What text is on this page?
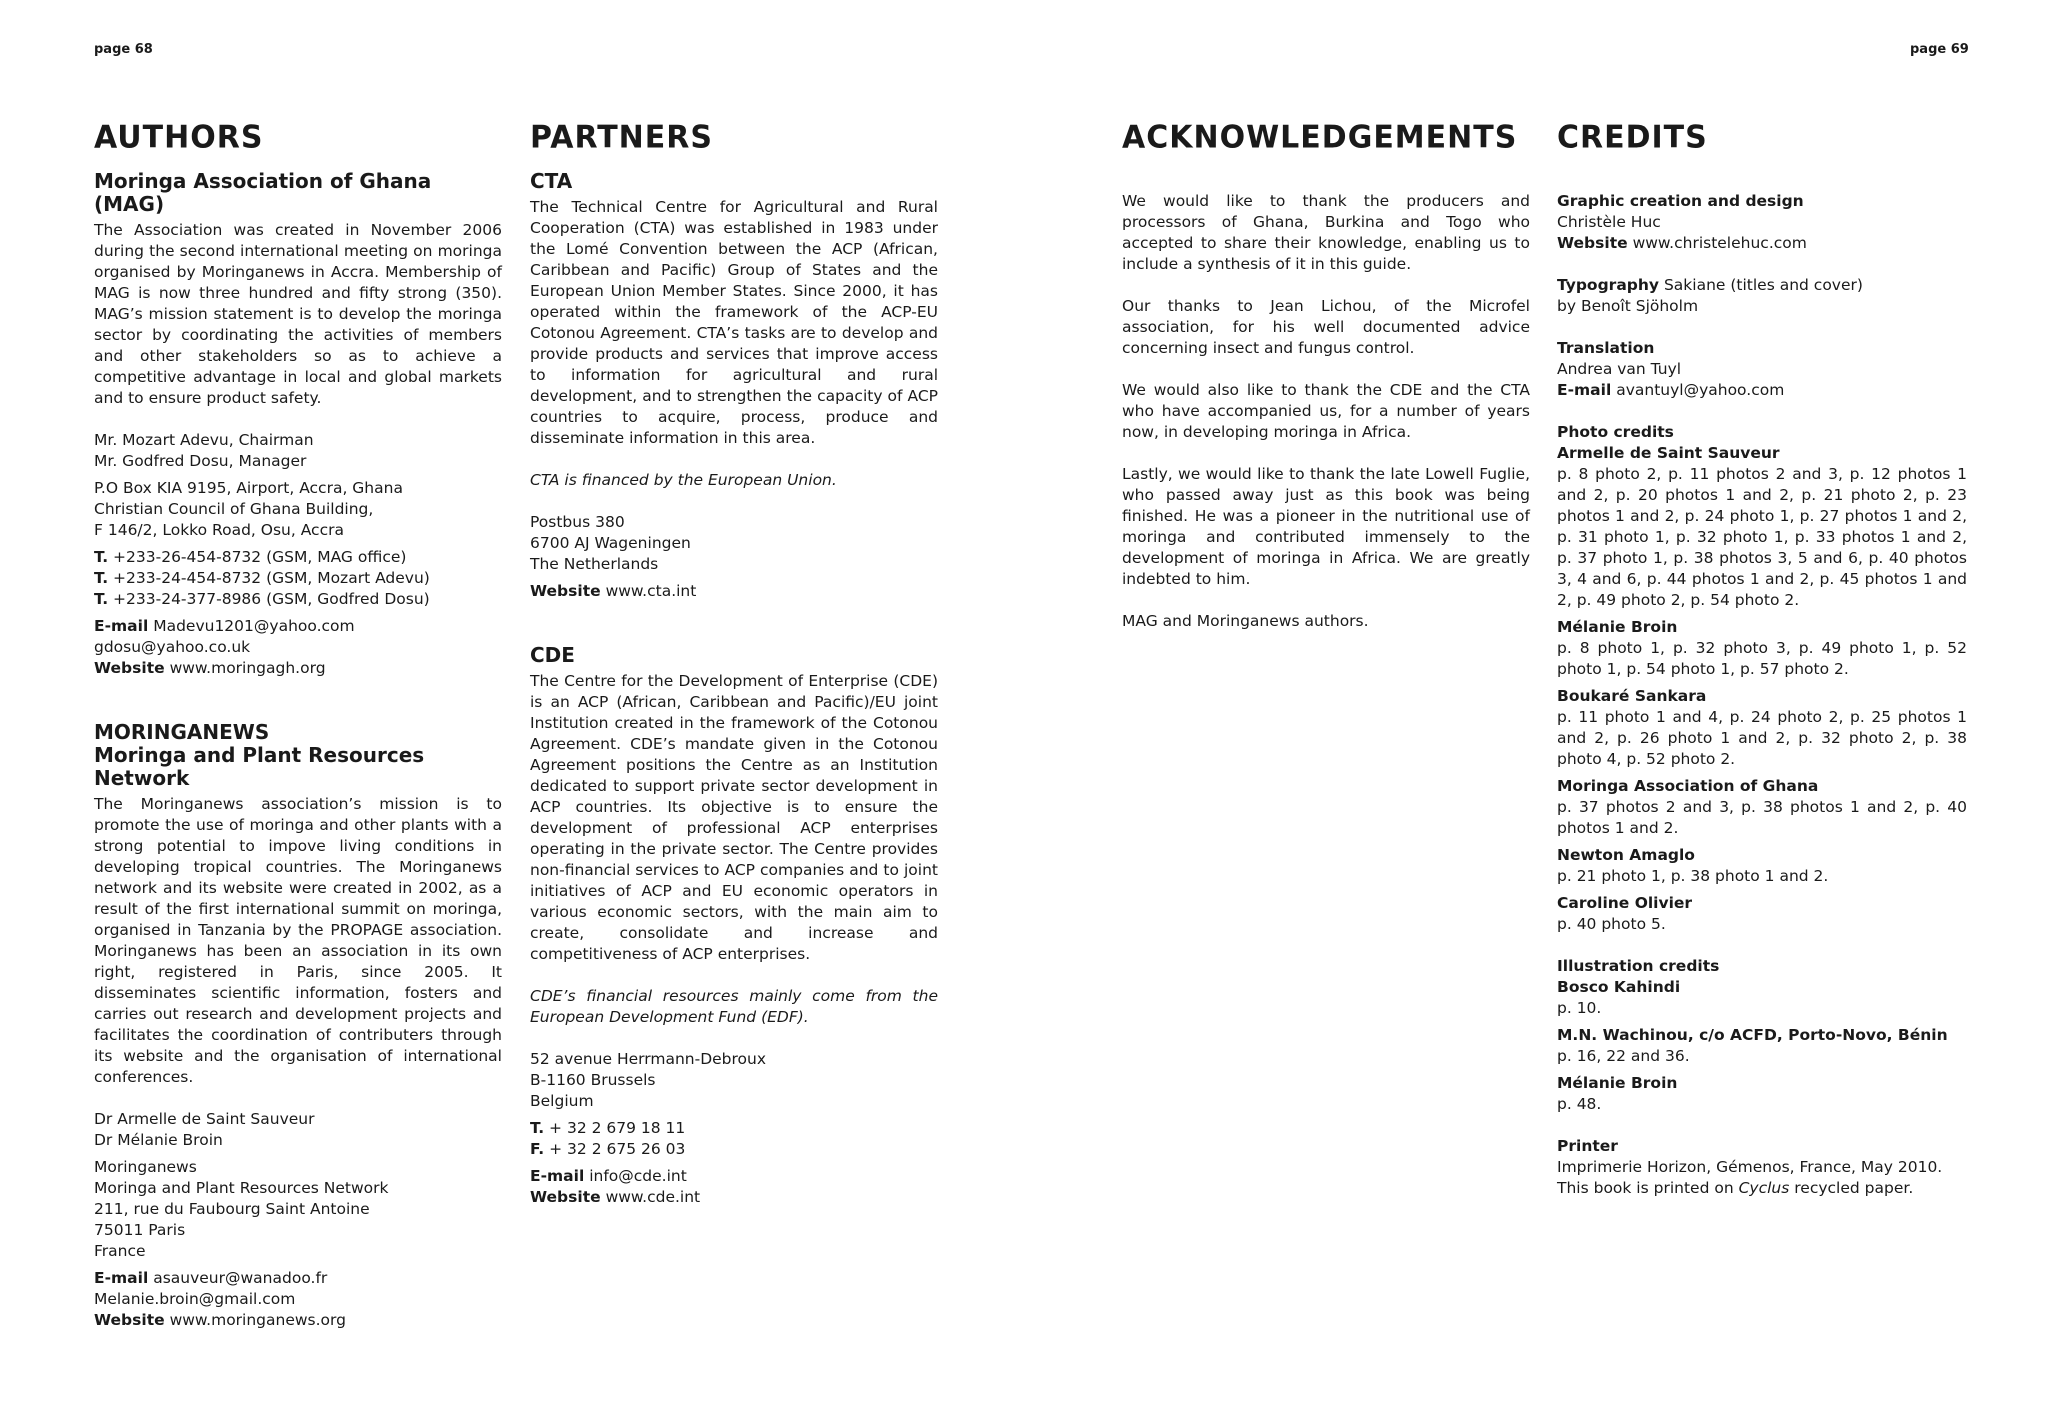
page 68	page 69
AUTHORS
Moringa Association of Ghana (MAG)

The Association was created in November 2006 during the second international meeting on moringa organised by Moringanews in Accra. Membership of MAG is now three hundred and fifty strong (350). MAG’s mission statement is to develop the moringa sector by coordinating the activities of members and other stakeholders so as to achieve a competitive advantage in local and global markets and to ensure product safety.

Mr. Mozart Adevu, Chairman

Mr. Godfred Dosu, Manager

P.O Box KIA 9195, Airport, Accra, Ghana

Christian Council of Ghana Building,

F 146/2, Lokko Road, Osu, Accra

T. +233-26-454-8732 (GSM, MAG office)

T. +233-24-454-8732 (GSM, Mozart Adevu)

T. +233-24-377-8986 (GSM, Godfred Dosu)

E-mail Madevu1201@yahoo.com

gdosu@yahoo.co.uk

Website www.moringagh.org

MORINGANEWS
Moringa and Plant Resources Network

The Moringanews association’s mission is to promote the use of moringa and other plants with a strong potential to impove living conditions in developing tropical countries. The Moringanews network and its website were created in 2002, as a result of the first international summit on moringa, organised in Tanzania by the PROPAGE association. Moringanews has been an association in its own right, registered in Paris, since 2005. It disseminates scientific information, fosters and carries out research and development projects and facilitates the coordination of contributers through its website and the organisation of international conferences.

Dr Armelle de Saint Sauveur

Dr Mélanie Broin

Moringanews

Moringa and Plant Resources Network

211, rue du Faubourg Saint Antoine

75011 Paris

France

E-mail asauveur@wanadoo.fr

Melanie.broin@gmail.com

Website www.moringanews.org

PARTNERS
CTA

The Technical Centre for Agricultural and Rural Cooperation (CTA) was established in 1983 under the Lomé Convention between the ACP (African, Caribbean and Pacific) Group of States and the European Union Member States. Since 2000, it has operated within the framework of the ACP-EU Cotonou Agreement. CTA’s tasks are to develop and provide products and services that improve access to information for agricultural and rural development, and to strengthen the capacity of ACP countries to acquire, process, produce and disseminate information in this area.

CTA is financed by the European Union.

Postbus 380

6700 AJ Wageningen

The Netherlands

Website www.cta.int

CDE

The Centre for the Development of Enterprise (CDE) is an ACP (African, Caribbean and Pacific)/EU joint Institution created in the framework of the Cotonou Agreement. CDE’s mandate given in the Cotonou Agreement positions the Centre as an Institution dedicated to support private sector development in ACP countries. Its objective is to ensure the development of professional ACP enterprises operating in the private sector. The Centre provides non-financial services to ACP companies and to joint initiatives of ACP and EU economic operators in various economic sectors, with the main aim to create, consolidate and increase and competitiveness of ACP enterprises.

CDE’s financial resources mainly come from the European Development Fund (EDF).

52 avenue Herrmann-Debroux

B-1160 Brussels

Belgium

T. + 32 2 679 18 11

F. + 32 2 675 26 03

E-mail info@cde.int

Website www.cde.int

ACKNOWLEDGEMENTS

We would like to thank the producers and processors of Ghana, Burkina and Togo who accepted to share their knowledge, enabling us to include a synthesis of it in this guide.

Our thanks to Jean Lichou, of the Microfel association, for his well documented advice concerning insect and fungus control.

We would also like to thank the CDE and the CTA who have accompanied us, for a number of years now, in developing moringa in Africa.

Lastly, we would like to thank the late Lowell Fuglie, who passed away just as this book was being finished. He was a pioneer in the nutritional use of moringa and contributed immensely to the development of moringa in Africa. We are greatly indebted to him.

MAG and Moringanews authors.

CREDITS

Graphic creation and design

Christèle Huc

Website www.christelehuc.com

Typography Sakiane (titles and cover)

by Benoît Sjöholm

Translation

Andrea van Tuyl

E-mail avantuyl@yahoo.com

Photo credits

Armelle de Saint Sauveur

p. 8 photo 2, p. 11 photos 2 and 3, p. 12 photos 1 and 2, p. 20 photos 1 and 2, p. 21 photo 2, p. 23 photos 1 and 2, p. 24 photo 1, p. 27 photos 1 and 2, p. 31 photo 1, p. 32 photo 1, p. 33 photos 1 and 2, p. 37 photo 1, p. 38 photos 3, 5 and 6, p. 40 photos 3, 4 and 6, p. 44 photos 1 and 2, p. 45 photos 1 and 2, p. 49 photo 2, p. 54 photo 2.

Mélanie Broin

p. 8 photo 1, p. 32 photo 3, p. 49 photo 1, p. 52 photo 1, p. 54 photo 1, p. 57 photo 2.

Boukaré Sankara

p. 11 photo 1 and 4, p. 24 photo 2, p. 25 photos 1 and 2, p. 26 photo 1 and 2, p. 32 photo 2, p. 38 photo 4, p. 52 photo 2.

Moringa Association of Ghana

p. 37 photos 2 and 3, p. 38 photos 1 and 2, p. 40 photos 1 and 2.

Newton Amaglo

p. 21 photo 1, p. 38 photo 1 and 2.

Caroline Olivier

p. 40 photo 5.

Illustration credits

Bosco Kahindi

p. 10.

M.N. Wachinou, c/o ACFD, Porto-Novo, Bénin

p. 16, 22 and 36.

Mélanie Broin

p. 48.

Printer

Imprimerie Horizon, Gémenos, France, May 2010.

This book is printed on Cyclus recycled paper.
